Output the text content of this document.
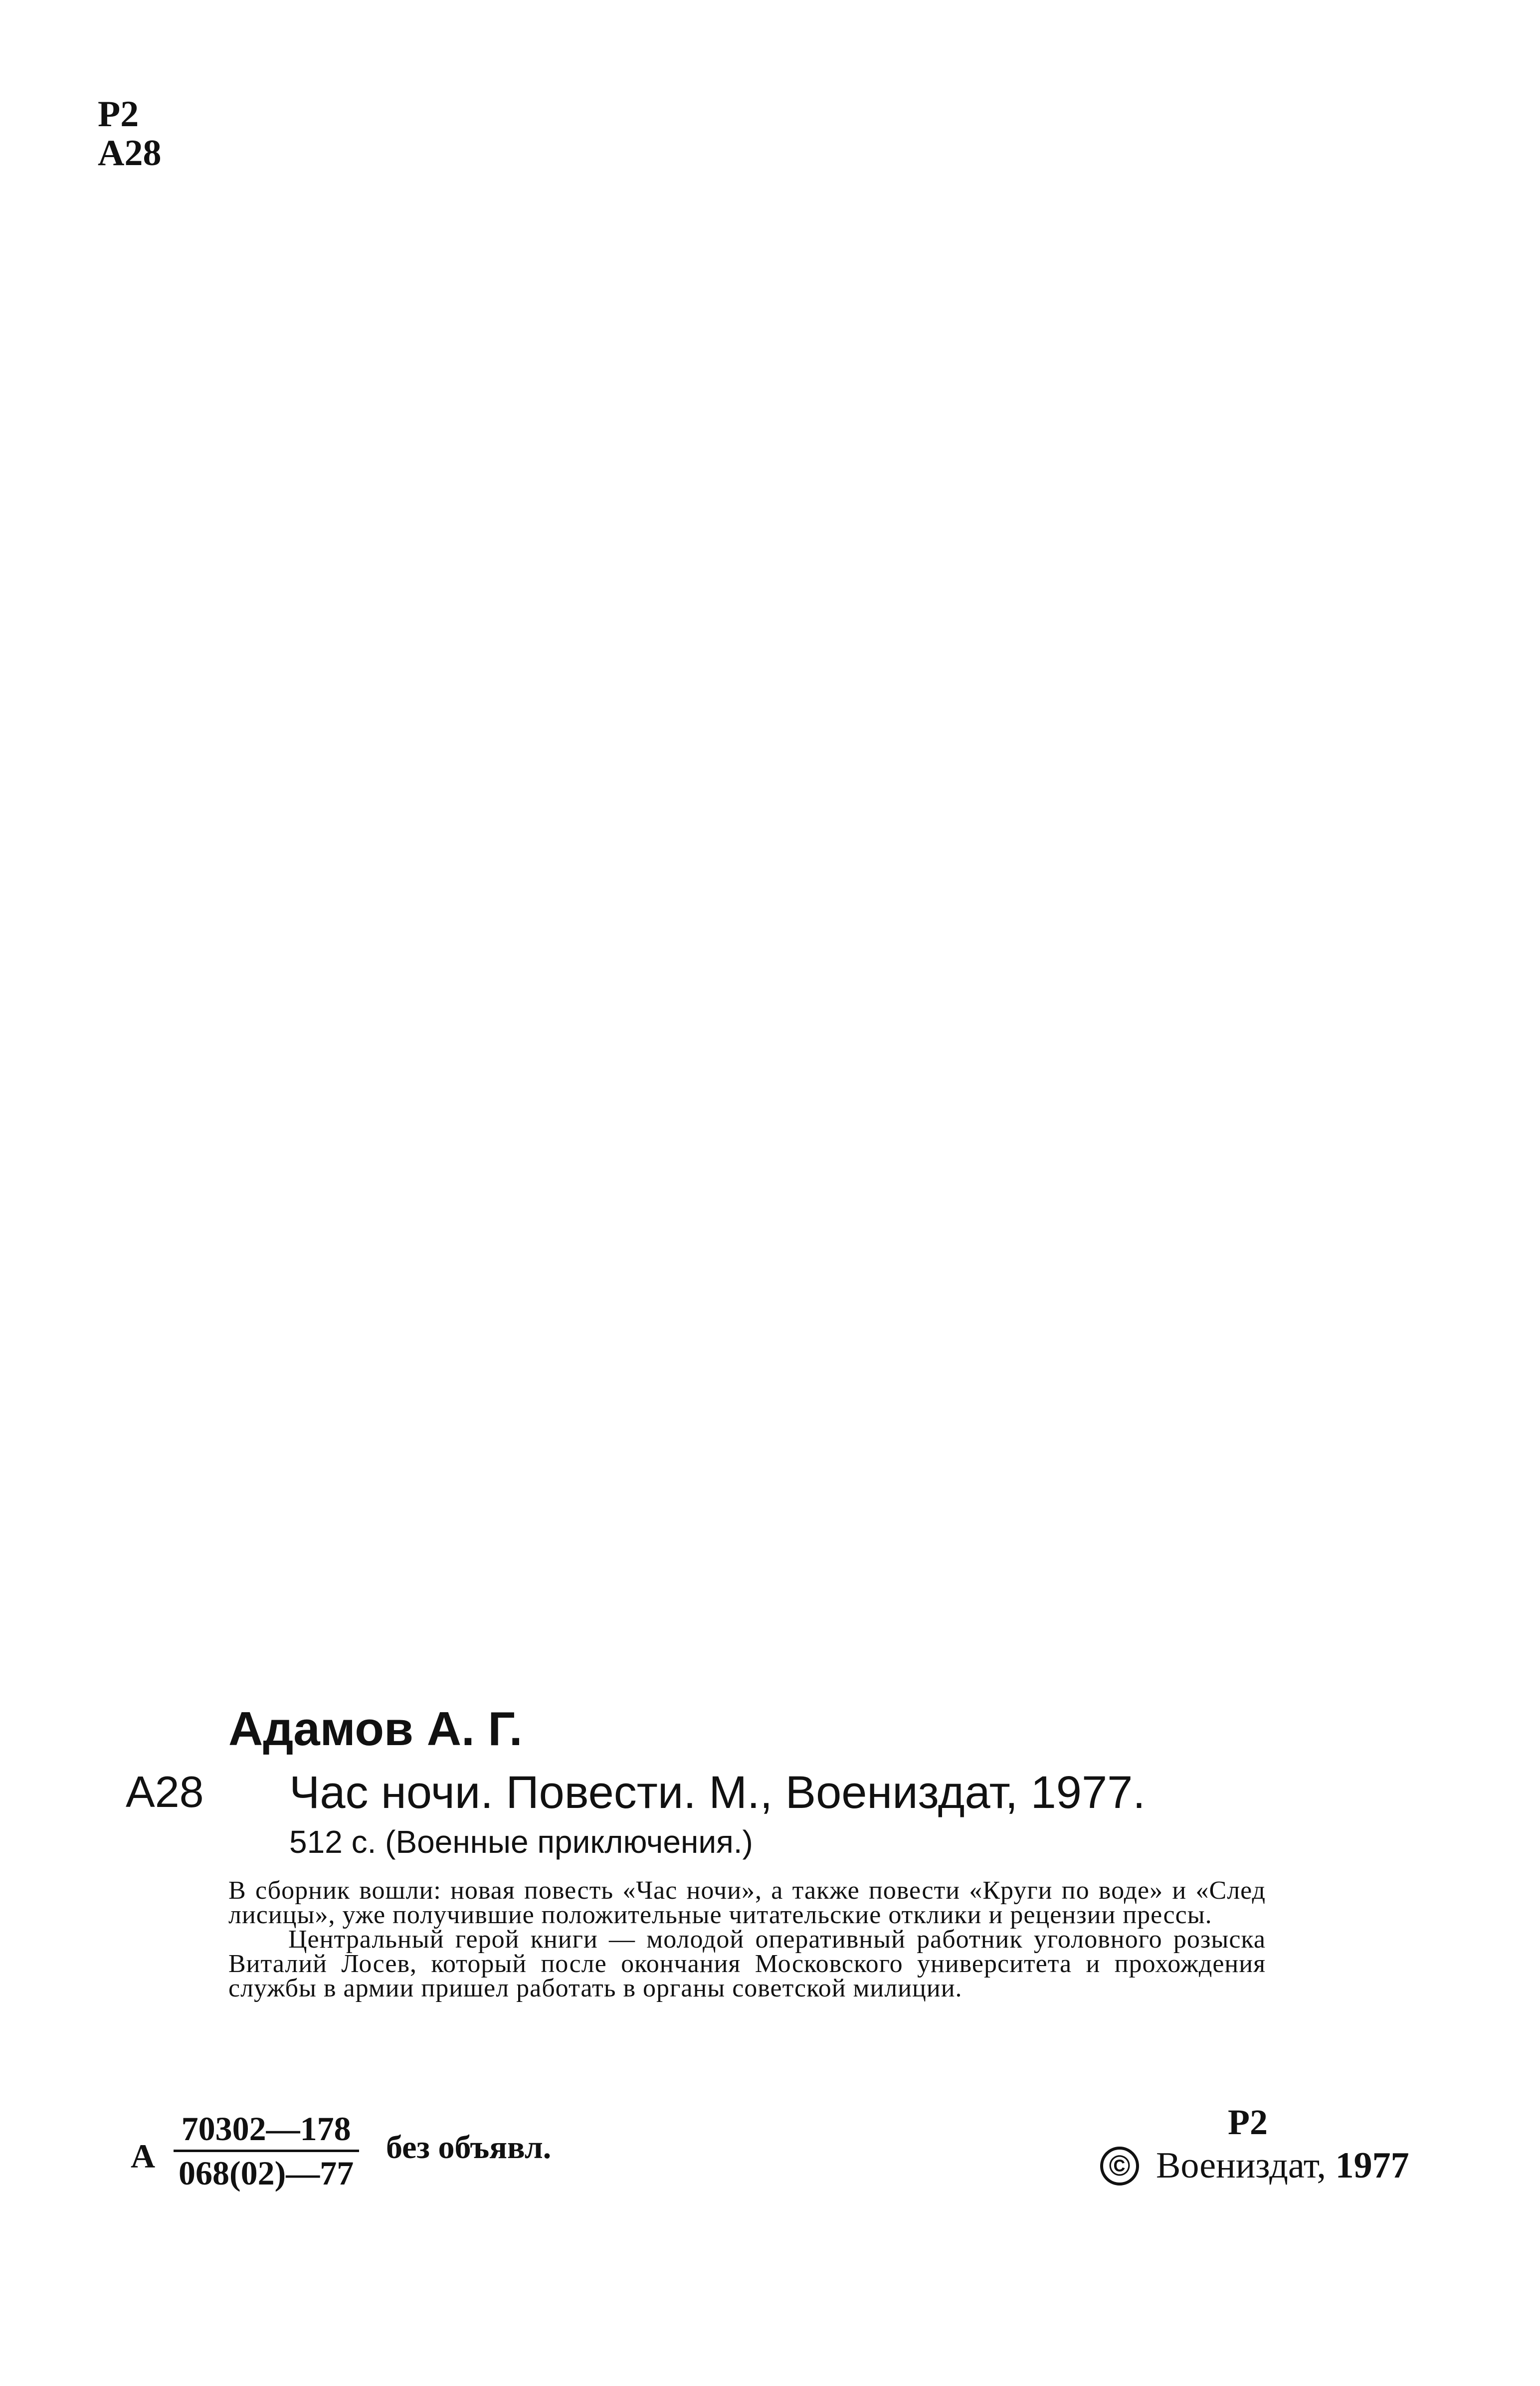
Р2
А28
Адамов А. Г.
А28 Час ночи. Повести. М., Воениздат, 1977.
512 с. (Военные приключения.)

В сборник вошли: новая повесть «Час ночи», а также повести «Круги по воде» и «След лисицы», уже получившие положительные читательские отклики и рецензии прессы.

Центральный герой книги — молодой оперативный работник уголовного розыска Виталий Лосев, который после окончания Московского университета и прохождения службы в армии пришел работать в органы советской милиции.

А $\frac{70302—178}{068(02)—77}$ без объявл.
Р2
© Воениздат,
1977
